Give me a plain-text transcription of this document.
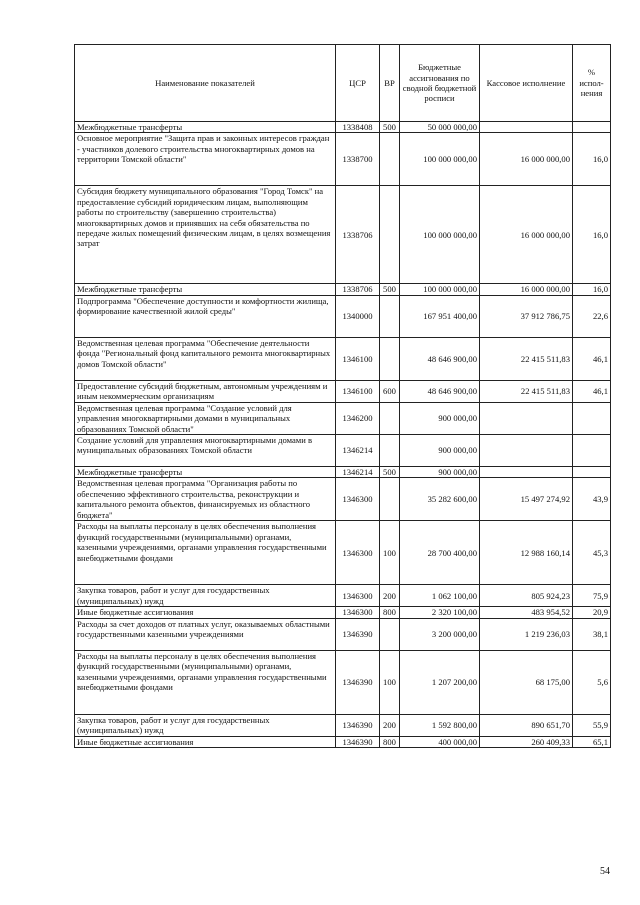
Наименование показателей	ЦСР	ВР	Бюджетные ассигнования по сводной бюджетной росписи	Кассовое исполнение	% испол-нения
Межбюджетные трансферты	1338408	500	50 000 000,00		
Основное мероприятие "Защита прав и законных интересов граждан - участников долевого строительства многоквартирных домов на территории Томской области"	1338700		100 000 000,00	16 000 000,00	16,0
Субсидия бюджету муниципального образования "Город Томск" на предоставление субсидий юридическим лицам, выполняющим работы по строительству (завершению строительства) многоквартирных домов и принявших на себя обязательства по передаче жилых помещений физическим лицам, в целях возмещения затрат	1338706		100 000 000,00	16 000 000,00	16,0
Межбюджетные трансферты	1338706	500	100 000 000,00	16 000 000,00	16,0
Подпрограмма "Обеспечение доступности и комфортности жилища, формирование качественной жилой среды"	1340000		167 951 400,00	37 912 786,75	22,6
Ведомственная целевая программа "Обеспечение деятельности фонда "Региональный фонд капитального ремонта многоквартирных домов Томской области"	1346100		48 646 900,00	22 415 511,83	46,1
Предоставление субсидий бюджетным, автономным учреждениям и иным некоммерческим организациям	1346100	600	48 646 900,00	22 415 511,83	46,1
Ведомственная целевая программа "Создание условий для управления многоквартирными домами в муниципальных образованиях Томской области"	1346200		900 000,00		
Создание условий для управления многоквартирными домами в муниципальных образованиях Томской области	1346214		900 000,00		
Межбюджетные трансферты	1346214	500	900 000,00		
Ведомственная целевая программа "Организация работы по обеспечению эффективного строительства, реконструкции и капитального ремонта объектов, финансируемых из областного бюджета"	1346300		35 282 600,00	15 497 274,92	43,9
Расходы на выплаты персоналу в целях обеспечения выполнения функций государственными (муниципальными) органами, казенными учреждениями, органами управления государственными внебюджетными фондами	1346300	100	28 700 400,00	12 988 160,14	45,3
Закупка товаров, работ и услуг для государственных (муниципальных) нужд	1346300	200	1 062 100,00	805 924,23	75,9
Иные бюджетные ассигнования	1346300	800	2 320 100,00	483 954,52	20,9
Расходы за счет доходов от платных услуг, оказываемых областными государственными казенными учреждениями	1346390		3 200 000,00	1 219 236,03	38,1
Расходы на выплаты персоналу в целях обеспечения выполнения функций государственными (муниципальными) органами, казенными учреждениями, органами управления государственными внебюджетными фондами	1346390	100	1 207 200,00	68 175,00	5,6
Закупка товаров, работ и услуг для государственных (муниципальных) нужд	1346390	200	1 592 800,00	890 651,70	55,9
Иные бюджетные ассигнования	1346390	800	400 000,00	260 409,33	65,1
54
